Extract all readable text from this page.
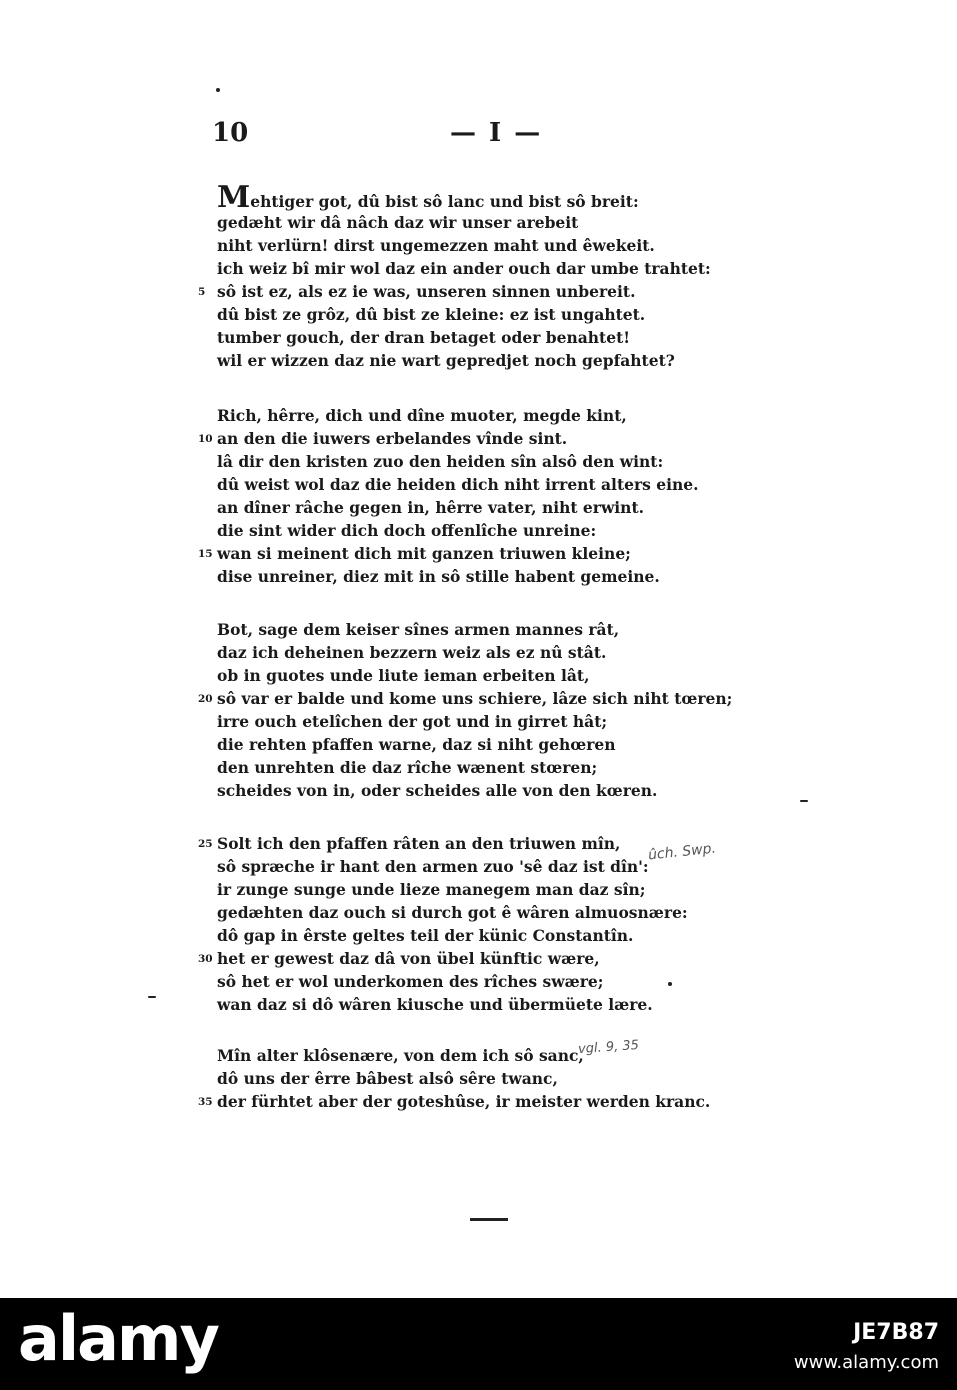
10	— I —
Mehtiger got, dû bist sô lanc und bist sô breit:
gedæht wir dâ nâch daz wir unser arebeit
niht verlürn! dirst ungemezzen maht und êwekeit.
ich weiz bî mir wol daz ein ander ouch dar umbe trahtet:
5 sô ist ez, als ez ie was, unseren sinnen unbereit.
dû bist ze grôz, dû bist ze kleine: ez ist ungahtet.
tumber gouch, der dran betaget oder benahtet!
wil er wizzen daz nie wart gepredjet noch gepfahtet?
Rich, hêrre, dich und dîne muoter, megde kint,
10 an den die iuwers erbelandes vînde sint.
lâ dir den kristen zuo den heiden sîn alsô den wint:
dû weist wol daz die heiden dich niht irrent alters eine.
an dîner râche gegen in, hêrre vater, niht erwint.
die sint wider dich doch offenlîche unreine:
15 wan si meinent dich mit ganzen triuwen kleine;
dise unreiner, diez mit in sô stille habent gemeine.
Bot, sage dem keiser sînes armen mannes rât,
daz ich deheinen bezzern weiz als ez nû stât.
ob in guotes unde liute ieman erbeiten lât,
20 sô var er balde und kome uns schiere, lâze sich niht tœren;
irre ouch etelîchen der got und in girret hât;
die rehten pfaffen warne, daz si niht gehœren
den unrehten die daz rîche wænent stœren;
scheides von in, oder scheides alle von den kœren.
25 Solt ich den pfaffen râten an den triuwen mîn,
sô spræche ir hant den armen zuo 'sê daz ist dîn':
ir zunge sunge unde lieze manegem man daz sîn;
gedæhten daz ouch si durch got ê wâren almuosnære:
dô gap in êrste geltes teil der künic Constantîn.
30 het er gewest daz dâ von übel künftic wære,
sô het er wol underkomen des rîches swære;
wan daz si dô wâren kiusche und übermüete lære.
Mîn alter klôsenære, von dem ich sô sanc,
dô uns der êrre bâbest alsô sêre twanc,
35 der fürhtet aber der goteshûse, ir meister werden kranc.
ûch. Swp.
vgl. 9, 35
alamy	JE7B87
www.alamy.com
